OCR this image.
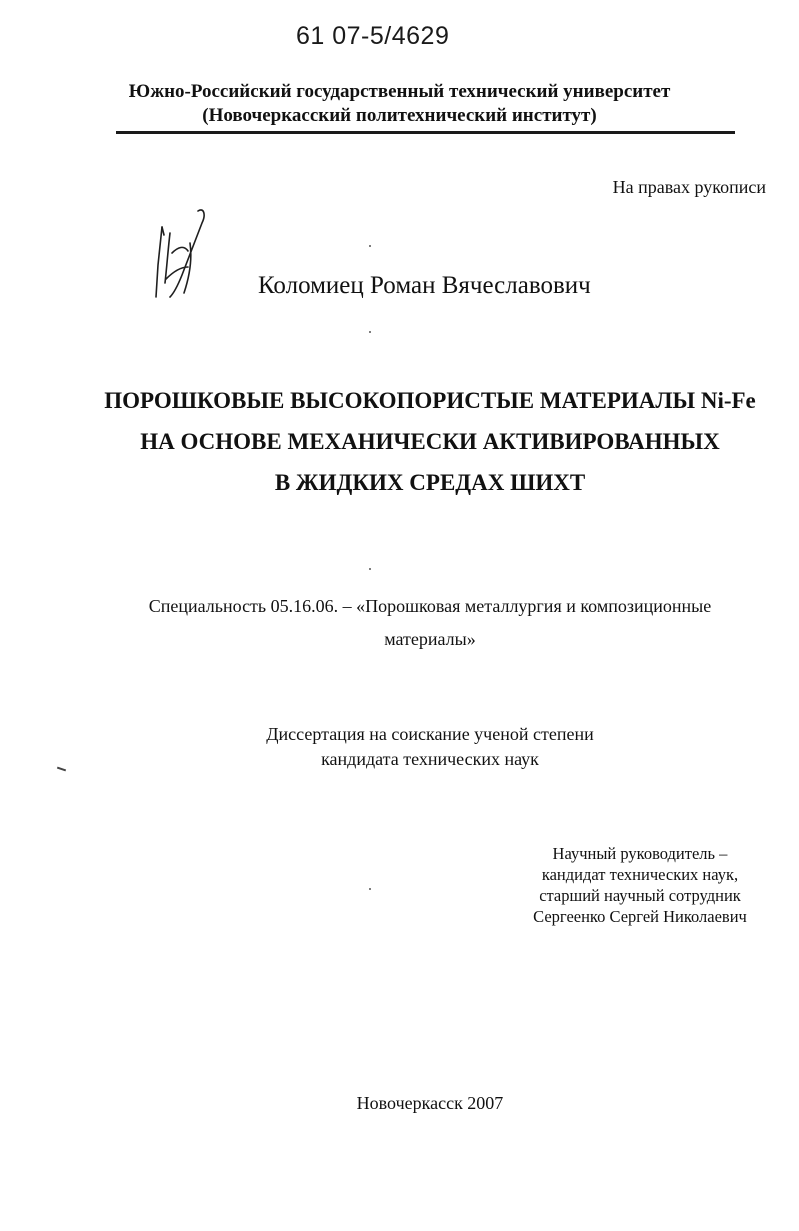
61 07-5/4629
Южно-Российский государственный технический университет
(Новочеркасский политехнический институт)
На правах рукописи
Коломиец Роман Вячеславович
ПОРОШКОВЫЕ ВЫСОКОПОРИСТЫЕ МАТЕРИАЛЫ Ni-Fe
НА ОСНОВЕ МЕХАНИЧЕСКИ АКТИВИРОВАННЫХ
В ЖИДКИХ СРЕДАХ ШИХТ
Специальность 05.16.06. – «Порошковая металлургия и композиционные
материалы»
Диссертация на соискание ученой степени
кандидата технических наук
Научный руководитель –
кандидат технических наук,
старший научный сотрудник
Сергеенко Сергей Николаевич
Новочеркасск 2007
